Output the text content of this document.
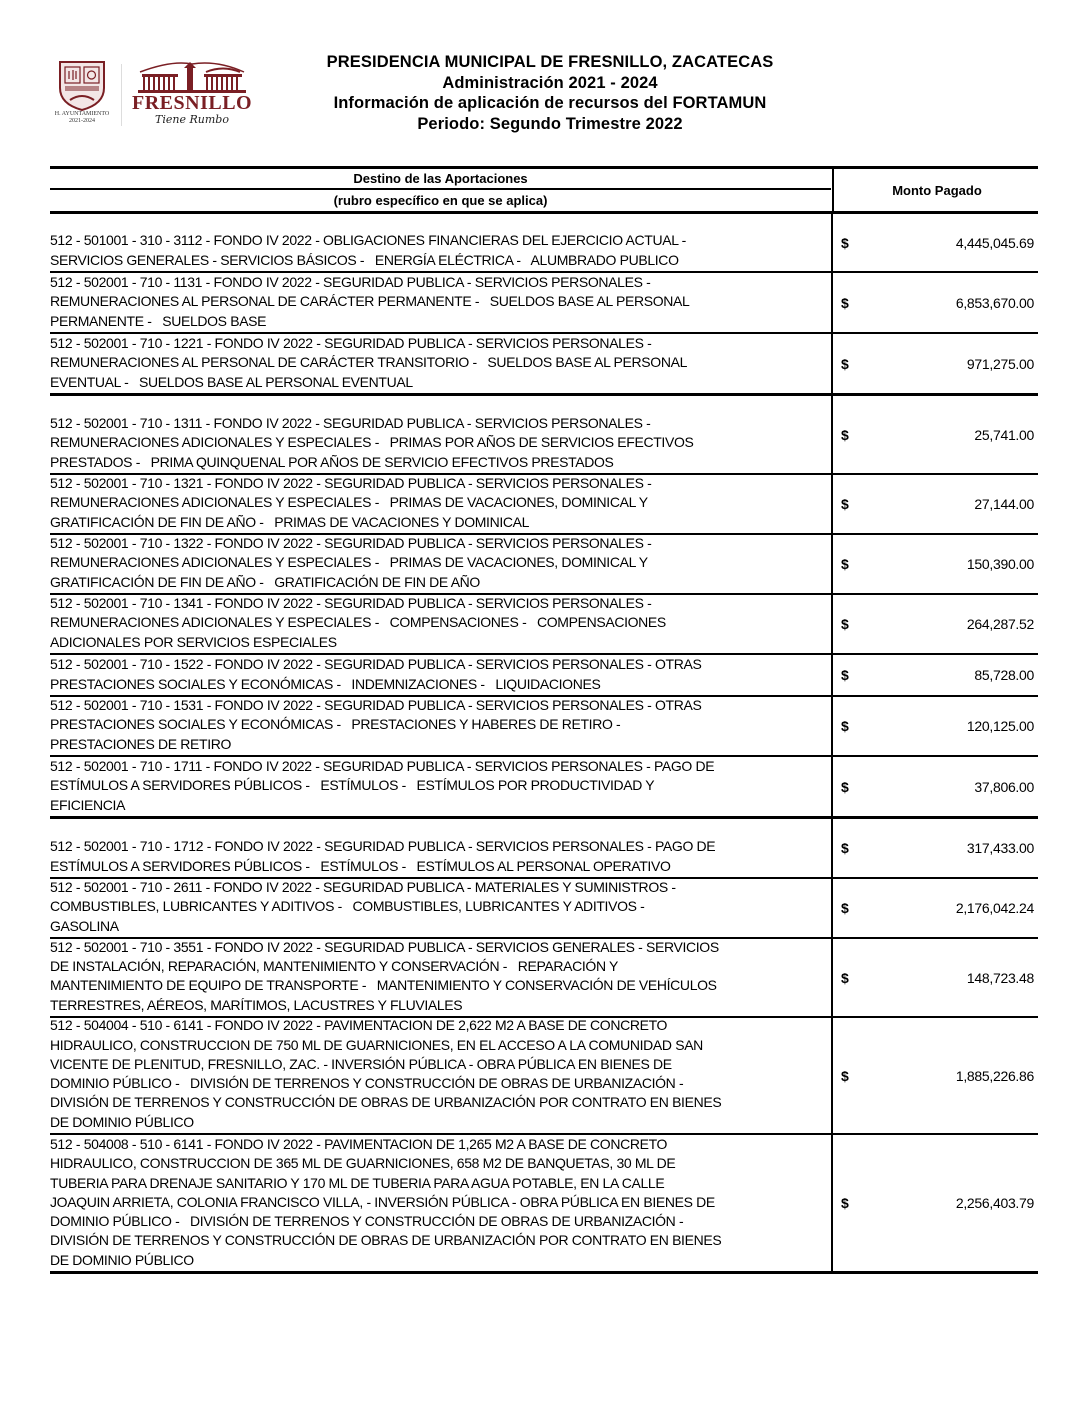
H. AYUNTAMIENTO
2021-2024
FRESNILLO
Tiene Rumbo
PRESIDENCIA MUNICIPAL DE FRESNILLO, ZACATECAS
Administración 2021 - 2024
Información de aplicación de recursos del FORTAMUN
Periodo: Segundo Trimestre 2022
Destino de las Aportaciones
(rubro específico en que se aplica)
Monto Pagado
512 - 501001 - 310 - 3112 - FONDO IV 2022 - OBLIGACIONES FINANCIERAS DEL EJERCICIO ACTUAL -
SERVICIOS GENERALES - SERVICIOS BÁSICOS -   ENERGÍA ELÉCTRICA -   ALUMBRADO PUBLICO
$	4,445,045.69
512 - 502001 - 710 - 1131 - FONDO IV 2022 - SEGURIDAD PUBLICA - SERVICIOS PERSONALES -
REMUNERACIONES AL PERSONAL DE CARÁCTER PERMANENTE -   SUELDOS BASE AL PERSONAL
PERMANENTE -   SUELDOS BASE
$	6,853,670.00
512 - 502001 - 710 - 1221 - FONDO IV 2022 - SEGURIDAD PUBLICA - SERVICIOS PERSONALES -
REMUNERACIONES AL PERSONAL DE CARÁCTER TRANSITORIO -   SUELDOS BASE AL PERSONAL
EVENTUAL -   SUELDOS BASE AL PERSONAL EVENTUAL
$	971,275.00
512 - 502001 - 710 - 1311 - FONDO IV 2022 - SEGURIDAD PUBLICA - SERVICIOS PERSONALES -
REMUNERACIONES ADICIONALES Y ESPECIALES -   PRIMAS POR AÑOS DE SERVICIOS EFECTIVOS
PRESTADOS -   PRIMA QUINQUENAL POR AÑOS DE SERVICIO EFECTIVOS PRESTADOS
$	25,741.00
512 - 502001 - 710 - 1321 - FONDO IV 2022 - SEGURIDAD PUBLICA - SERVICIOS PERSONALES -
REMUNERACIONES ADICIONALES Y ESPECIALES -   PRIMAS DE VACACIONES, DOMINICAL Y
GRATIFICACIÓN DE FIN DE AÑO -   PRIMAS DE VACACIONES Y DOMINICAL
$	27,144.00
512 - 502001 - 710 - 1322 - FONDO IV 2022 - SEGURIDAD PUBLICA - SERVICIOS PERSONALES -
REMUNERACIONES ADICIONALES Y ESPECIALES -   PRIMAS DE VACACIONES, DOMINICAL Y
GRATIFICACIÓN DE FIN DE AÑO -   GRATIFICACIÓN DE FIN DE AÑO
$	150,390.00
512 - 502001 - 710 - 1341 - FONDO IV 2022 - SEGURIDAD PUBLICA - SERVICIOS PERSONALES -
REMUNERACIONES ADICIONALES Y ESPECIALES -   COMPENSACIONES -   COMPENSACIONES
ADICIONALES POR SERVICIOS ESPECIALES
$	264,287.52
512 - 502001 - 710 - 1522 - FONDO IV 2022 - SEGURIDAD PUBLICA - SERVICIOS PERSONALES - OTRAS
PRESTACIONES SOCIALES Y ECONÓMICAS -   INDEMNIZACIONES -   LIQUIDACIONES
$	85,728.00
512 - 502001 - 710 - 1531 - FONDO IV 2022 - SEGURIDAD PUBLICA - SERVICIOS PERSONALES - OTRAS
PRESTACIONES SOCIALES Y ECONÓMICAS -   PRESTACIONES Y HABERES DE RETIRO -
PRESTACIONES DE RETIRO
$	120,125.00
512 - 502001 - 710 - 1711 - FONDO IV 2022 - SEGURIDAD PUBLICA - SERVICIOS PERSONALES - PAGO DE
ESTÍMULOS A SERVIDORES PÚBLICOS -   ESTÍMULOS -   ESTÍMULOS POR PRODUCTIVIDAD Y
EFICIENCIA
$	37,806.00
512 - 502001 - 710 - 1712 - FONDO IV 2022 - SEGURIDAD PUBLICA - SERVICIOS PERSONALES - PAGO DE
ESTÍMULOS A SERVIDORES PÚBLICOS -   ESTÍMULOS -   ESTÍMULOS AL PERSONAL OPERATIVO
$	317,433.00
512 - 502001 - 710 - 2611 - FONDO IV 2022 - SEGURIDAD PUBLICA - MATERIALES Y SUMINISTROS -
COMBUSTIBLES, LUBRICANTES Y ADITIVOS -   COMBUSTIBLES, LUBRICANTES Y ADITIVOS -
GASOLINA
$	2,176,042.24
512 - 502001 - 710 - 3551 - FONDO IV 2022 - SEGURIDAD PUBLICA - SERVICIOS GENERALES - SERVICIOS
DE INSTALACIÓN, REPARACIÓN, MANTENIMIENTO Y CONSERVACIÓN -   REPARACIÓN Y
MANTENIMIENTO DE EQUIPO DE TRANSPORTE -   MANTENIMIENTO Y CONSERVACIÓN DE VEHÍCULOS
TERRESTRES, AÉREOS, MARÍTIMOS, LACUSTRES Y FLUVIALES
$	148,723.48
512 - 504004 - 510 - 6141 - FONDO IV 2022 - PAVIMENTACION DE 2,622 M2 A BASE DE CONCRETO
HIDRAULICO, CONSTRUCCION DE 750 ML DE GUARNICIONES, EN EL ACCESO A LA COMUNIDAD SAN
VICENTE DE PLENITUD, FRESNILLO, ZAC. - INVERSIÓN PÚBLICA - OBRA PÚBLICA EN BIENES DE
DOMINIO PÚBLICO -   DIVISIÓN DE TERRENOS Y CONSTRUCCIÓN DE OBRAS DE URBANIZACIÓN -
DIVISIÓN DE TERRENOS Y CONSTRUCCIÓN DE OBRAS DE URBANIZACIÓN POR CONTRATO EN BIENES
DE DOMINIO PÚBLICO
$	1,885,226.86
512 - 504008 - 510 - 6141 - FONDO IV 2022 - PAVIMENTACION DE 1,265 M2 A BASE DE CONCRETO
HIDRAULICO, CONSTRUCCION DE 365 ML DE GUARNICIONES, 658 M2 DE BANQUETAS, 30 ML DE
TUBERIA PARA DRENAJE SANITARIO Y 170 ML DE TUBERIA PARA AGUA POTABLE, EN LA CALLE
JOAQUIN ARRIETA, COLONIA FRANCISCO VILLA, - INVERSIÓN PÚBLICA - OBRA PÚBLICA EN BIENES DE
DOMINIO PÚBLICO -   DIVISIÓN DE TERRENOS Y CONSTRUCCIÓN DE OBRAS DE URBANIZACIÓN -
DIVISIÓN DE TERRENOS Y CONSTRUCCIÓN DE OBRAS DE URBANIZACIÓN POR CONTRATO EN BIENES
DE DOMINIO PÚBLICO
$	2,256,403.79
